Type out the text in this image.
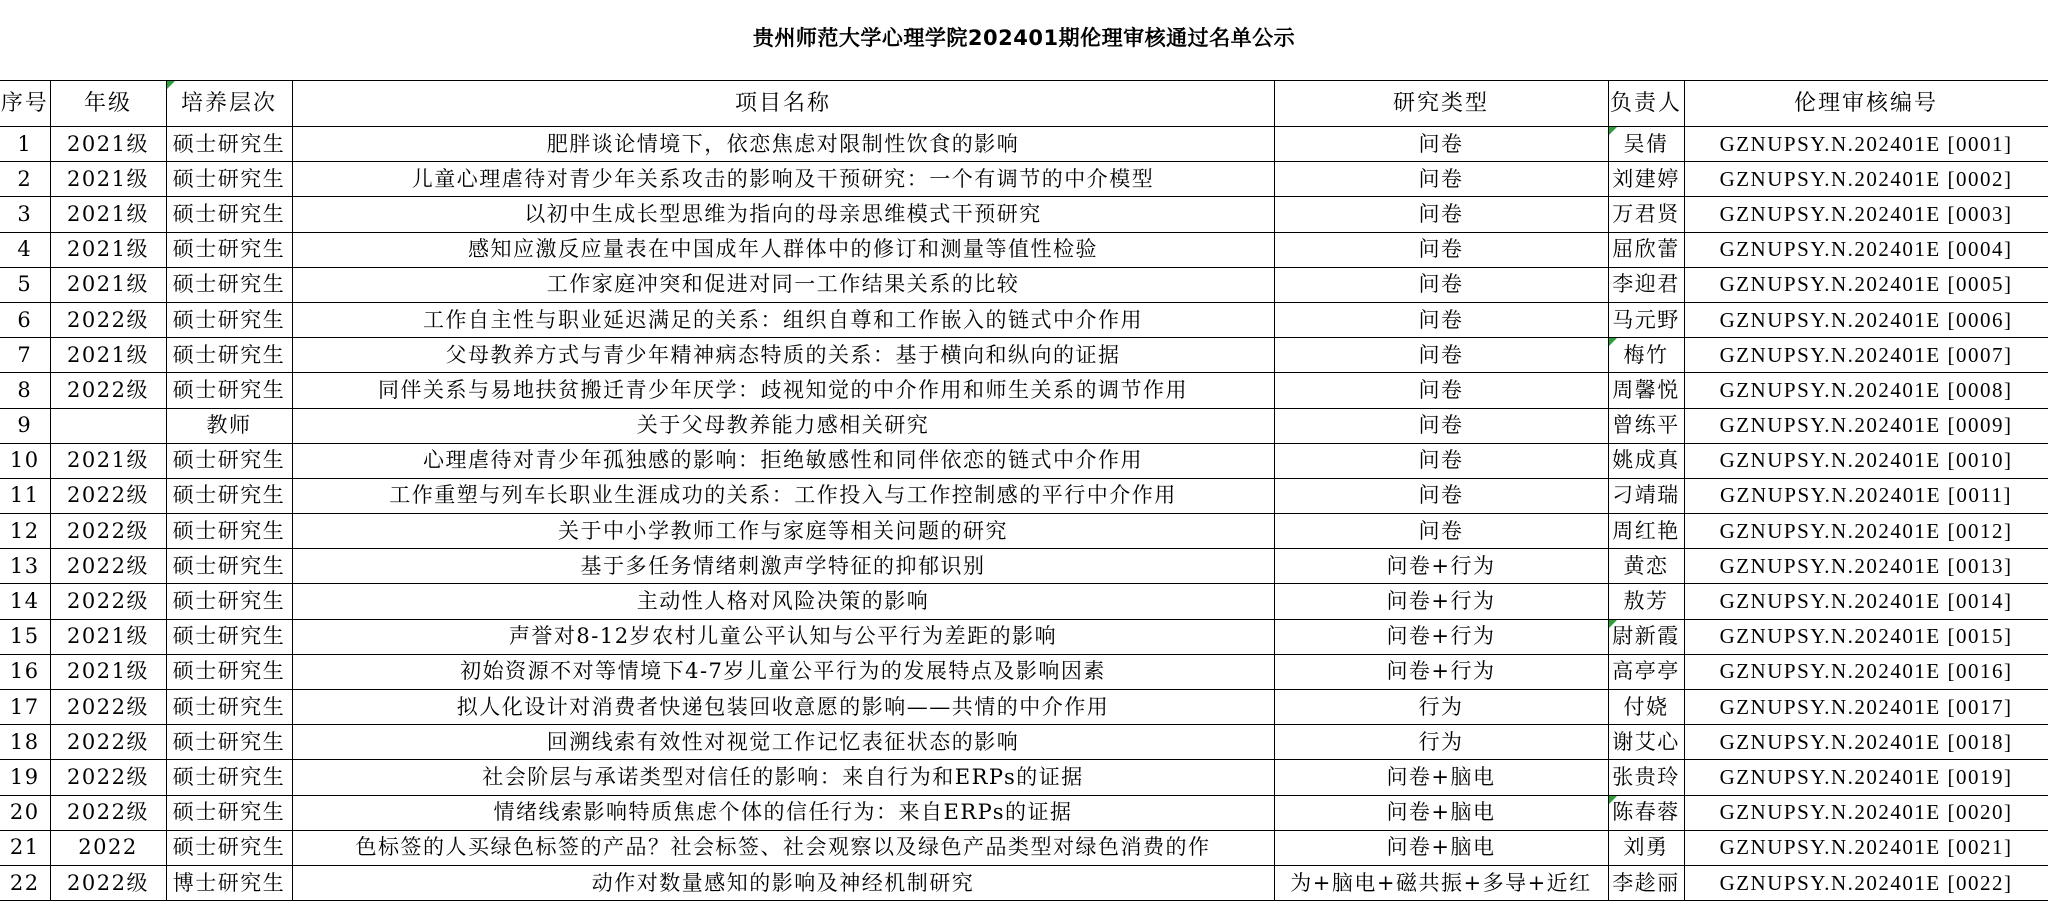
贵州师范大学心理学院202401期伦理审核通过名单公示
序号	年级	培养层次	项目名称	研究类型	负责人	伦理审核编号
1	2021级	硕士研究生	肥胖谈论情境下，依恋焦虑对限制性饮食的影响	问卷	吴倩	GZNUPSY.N.202401E [0001]
2	2021级	硕士研究生	儿童心理虐待对青少年关系攻击的影响及干预研究：一个有调节的中介模型	问卷	刘建婷	GZNUPSY.N.202401E [0002]
3	2021级	硕士研究生	以初中生成长型思维为指向的母亲思维模式干预研究	问卷	万君贤	GZNUPSY.N.202401E [0003]
4	2021级	硕士研究生	感知应激反应量表在中国成年人群体中的修订和测量等值性检验	问卷	屈欣蕾	GZNUPSY.N.202401E [0004]
5	2021级	硕士研究生	工作家庭冲突和促进对同一工作结果关系的比较	问卷	李迎君	GZNUPSY.N.202401E [0005]
6	2022级	硕士研究生	工作自主性与职业延迟满足的关系：组织自尊和工作嵌入的链式中介作用	问卷	马元野	GZNUPSY.N.202401E [0006]
7	2021级	硕士研究生	父母教养方式与青少年精神病态特质的关系：基于横向和纵向的证据	问卷	梅竹	GZNUPSY.N.202401E [0007]
8	2022级	硕士研究生	同伴关系与易地扶贫搬迁青少年厌学：歧视知觉的中介作用和师生关系的调节作用	问卷	周馨悦	GZNUPSY.N.202401E [0008]
9		教师	关于父母教养能力感相关研究	问卷	曾练平	GZNUPSY.N.202401E [0009]
10	2021级	硕士研究生	心理虐待对青少年孤独感的影响：拒绝敏感性和同伴依恋的链式中介作用	问卷	姚成真	GZNUPSY.N.202401E [0010]
11	2022级	硕士研究生	工作重塑与列车长职业生涯成功的关系：工作投入与工作控制感的平行中介作用	问卷	刁靖瑞	GZNUPSY.N.202401E [0011]
12	2022级	硕士研究生	关于中小学教师工作与家庭等相关问题的研究	问卷	周红艳	GZNUPSY.N.202401E [0012]
13	2022级	硕士研究生	基于多任务情绪刺激声学特征的抑郁识别	问卷+行为	黄恋	GZNUPSY.N.202401E [0013]
14	2022级	硕士研究生	主动性人格对风险决策的影响	问卷+行为	敖芳	GZNUPSY.N.202401E [0014]
15	2021级	硕士研究生	声誉对8-12岁农村儿童公平认知与公平行为差距的影响	问卷+行为	尉新霞	GZNUPSY.N.202401E [0015]
16	2021级	硕士研究生	初始资源不对等情境下4-7岁儿童公平行为的发展特点及影响因素	问卷+行为	高亭亭	GZNUPSY.N.202401E [0016]
17	2022级	硕士研究生	拟人化设计对消费者快递包装回收意愿的影响——共情的中介作用	行为	付娆	GZNUPSY.N.202401E [0017]
18	2022级	硕士研究生	回溯线索有效性对视觉工作记忆表征状态的影响	行为	谢艾心	GZNUPSY.N.202401E [0018]
19	2022级	硕士研究生	社会阶层与承诺类型对信任的影响：来自行为和ERPs的证据	问卷+脑电	张贵玲	GZNUPSY.N.202401E [0019]
20	2022级	硕士研究生	情绪线索影响特质焦虑个体的信任行为：来自ERPs的证据	问卷+脑电	陈春蓉	GZNUPSY.N.202401E [0020]
21	2022	硕士研究生	色标签的人买绿色标签的产品？社会标签、社会观察以及绿色产品类型对绿色消费的作	问卷+脑电	刘勇	GZNUPSY.N.202401E [0021]
22	2022级	博士研究生	动作对数量感知的影响及神经机制研究	为+脑电+磁共振+多导+近红	李趁丽	GZNUPSY.N.202401E [0022]
